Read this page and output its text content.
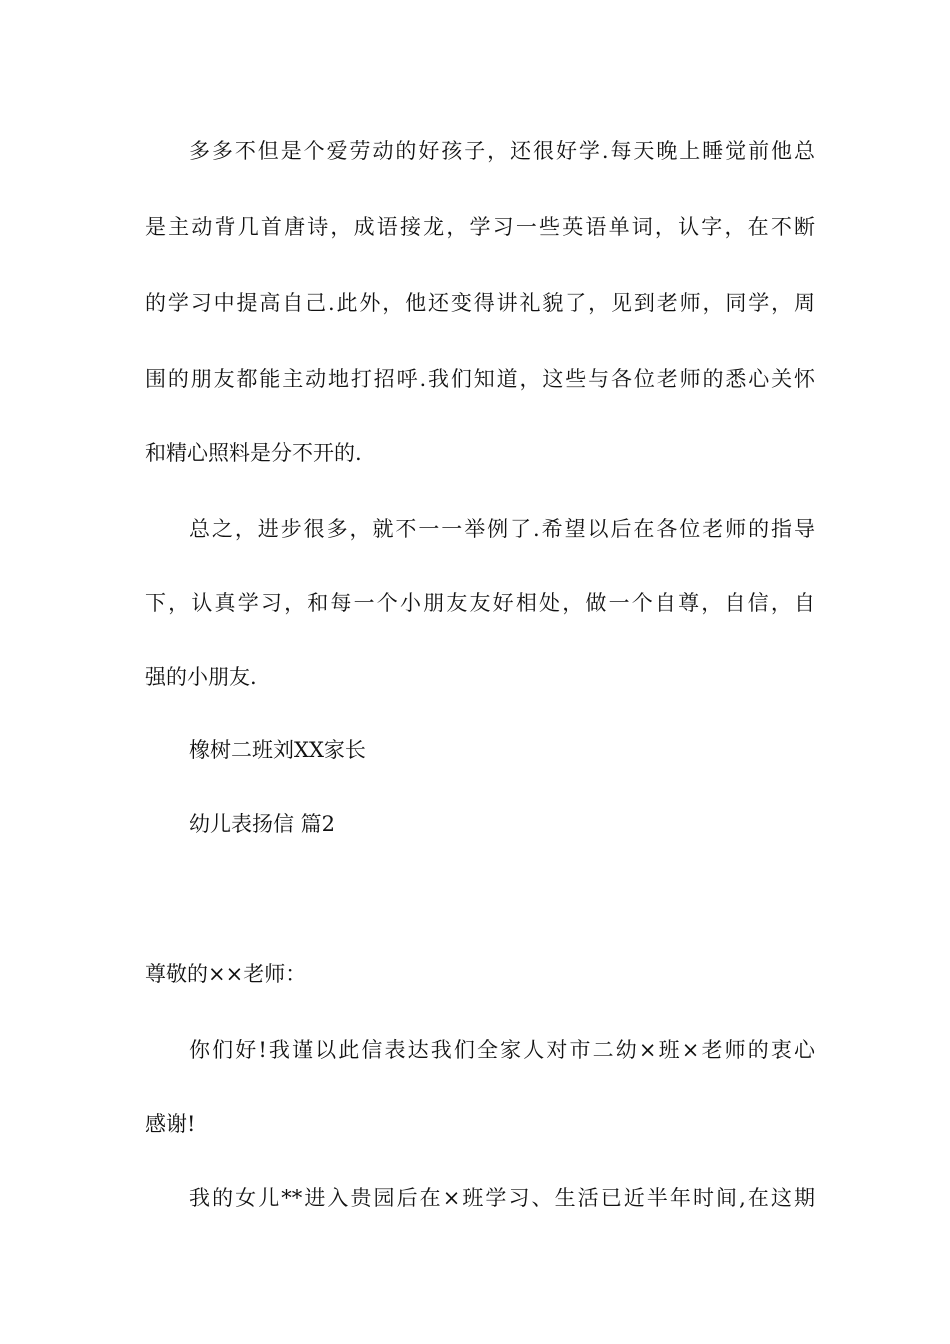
多多不但是个爱劳动的好孩子，还很好学.每天晚上睡觉前他总
是主动背几首唐诗，成语接龙，学习一些英语单词，认字，在不断
的学习中提高自己.此外，他还变得讲礼貌了，见到老师，同学，周
围的朋友都能主动地打招呼.我们知道，这些与各位老师的悉心关怀
和精心照料是分不开的.
总之，进步很多，就不一一举例了.希望以后在各位老师的指导
下，认真学习，和每一个小朋友友好相处，做一个自尊，自信，自
强的小朋友.
橡树二班刘XX家长
幼儿表扬信 篇2
尊敬的××老师：
你们好!我谨以此信表达我们全家人对市二幼×班×老师的衷心
感谢!
我的女儿**进入贵园后在×班学习、生活已近半年时间,在这期
